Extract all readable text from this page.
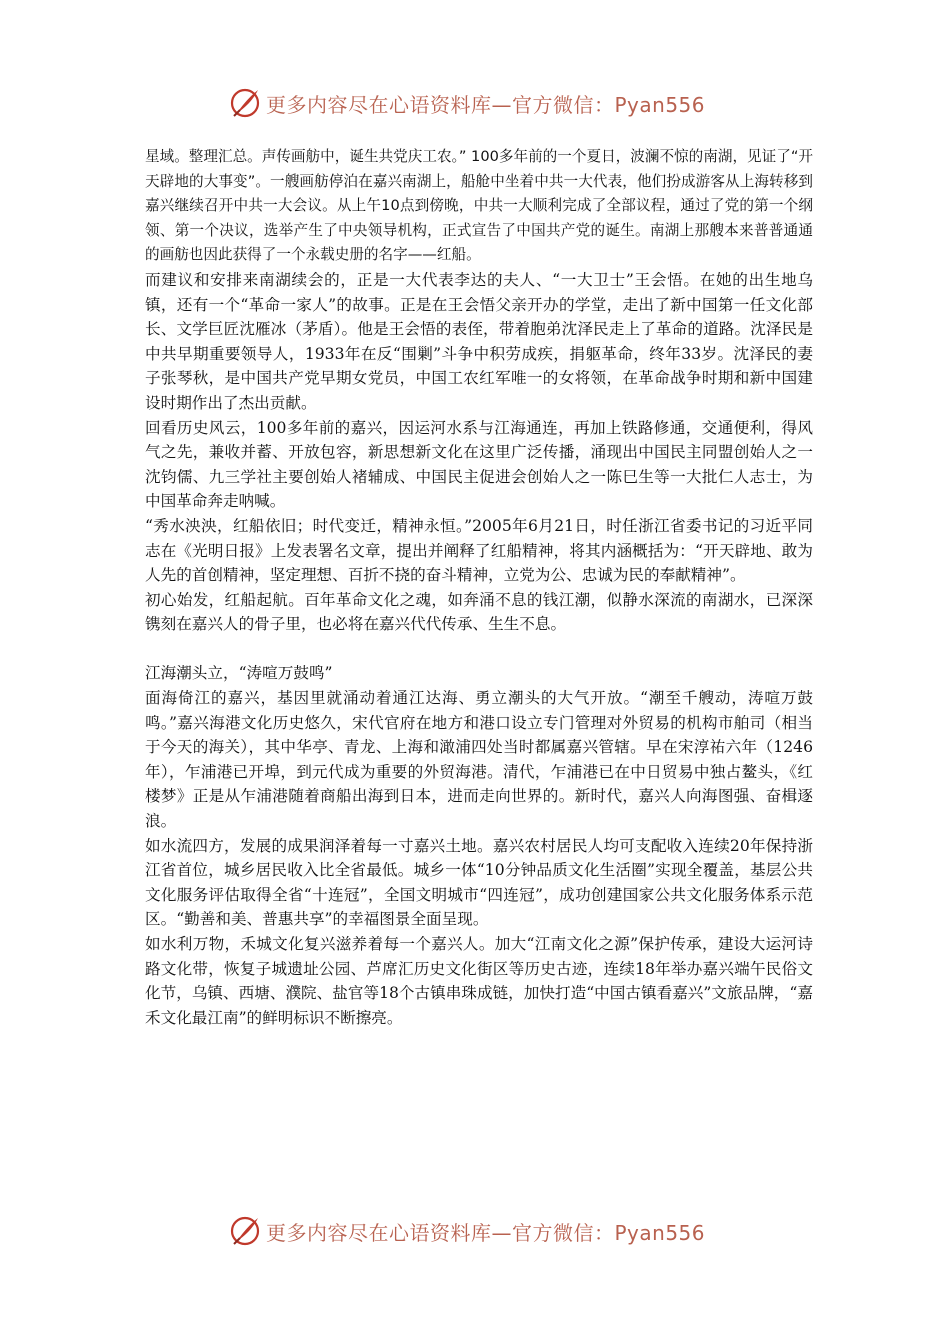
更多内容尽在心语资料库—官方微信：Pyan556

星域。整理汇总。声传画舫中，诞生共党庆工农。” 100多年前的一个夏日，波澜不惊的南湖，见证了“开天辟地的大事变”。一艘画舫停泊在嘉兴南湖上，船舱中坐着中共一大代表，他们扮成游客从上海转移到嘉兴继续召开中共一大会议。从上午10点到傍晚，中共一大顺利完成了全部议程，通过了党的第一个纲领、第一个决议，选举产生了中央领导机构，正式宣告了中国共产党的诞生。南湖上那艘本来普普通通的画舫也因此获得了一个永载史册的名字——红船。

而建议和安排来南湖续会的，正是一大代表李达的夫人、“一大卫士”王会悟。在她的出生地乌镇，还有一个“革命一家人”的故事。正是在王会悟父亲开办的学堂，走出了新中国第一任文化部长、文学巨匠沈雁冰（茅盾）。他是王会悟的表侄，带着胞弟沈泽民走上了革命的道路。沈泽民是中共早期重要领导人，1933年在反“围剿”斗争中积劳成疾，捐躯革命，终年33岁。沈泽民的妻子张琴秋，是中国共产党早期女党员，中国工农红军唯一的女将领，在革命战争时期和新中国建设时期作出了杰出贡献。

回看历史风云，100多年前的嘉兴，因运河水系与江海通连，再加上铁路修通，交通便利，得风气之先，兼收并蓄、开放包容，新思想新文化在这里广泛传播，涌现出中国民主同盟创始人之一沈钧儒、九三学社主要创始人褚辅成、中国民主促进会创始人之一陈巳生等一大批仁人志士，为中国革命奔走呐喊。

“秀水泱泱，红船依旧；时代变迁，精神永恒。”2005年6月21日，时任浙江省委书记的习近平同志在《光明日报》上发表署名文章，提出并阐释了红船精神，将其内涵概括为：“开天辟地、敢为人先的首创精神，坚定理想、百折不挠的奋斗精神，立党为公、忠诚为民的奉献精神”。

初心始发，红船起航。百年革命文化之魂，如奔涌不息的钱江潮，似静水深流的南湖水，已深深镌刻在嘉兴人的骨子里，也必将在嘉兴代代传承、生生不息。

江海潮头立，“涛喧万鼓鸣”

面海倚江的嘉兴，基因里就涌动着通江达海、勇立潮头的大气开放。“潮至千艘动，涛喧万鼓鸣。”嘉兴海港文化历史悠久，宋代官府在地方和港口设立专门管理对外贸易的机构市舶司（相当于今天的海关），其中华亭、青龙、上海和澉浦四处当时都属嘉兴管辖。早在宋淳祐六年（1246年），乍浦港已开埠，到元代成为重要的外贸海港。清代，乍浦港已在中日贸易中独占鳌头，《红楼梦》正是从乍浦港随着商船出海到日本，进而走向世界的。新时代，嘉兴人向海图强、奋楫逐浪。

如水流四方，发展的成果润泽着每一寸嘉兴土地。嘉兴农村居民人均可支配收入连续20年保持浙江省首位，城乡居民收入比全省最低。城乡一体“10分钟品质文化生活圈”实现全覆盖，基层公共文化服务评估取得全省“十连冠”，全国文明城市“四连冠”，成功创建国家公共文化服务体系示范区。“勤善和美、普惠共享”的幸福图景全面呈现。

如水利万物，禾城文化复兴滋养着每一个嘉兴人。加大“江南文化之源”保护传承，建设大运河诗路文化带，恢复子城遗址公园、芦席汇历史文化街区等历史古迹，连续18年举办嘉兴端午民俗文化节，乌镇、西塘、濮院、盐官等18个古镇串珠成链，加快打造“中国古镇看嘉兴”文旅品牌，“嘉禾文化最江南”的鲜明标识不断擦亮。

更多内容尽在心语资料库—官方微信：Pyan556
